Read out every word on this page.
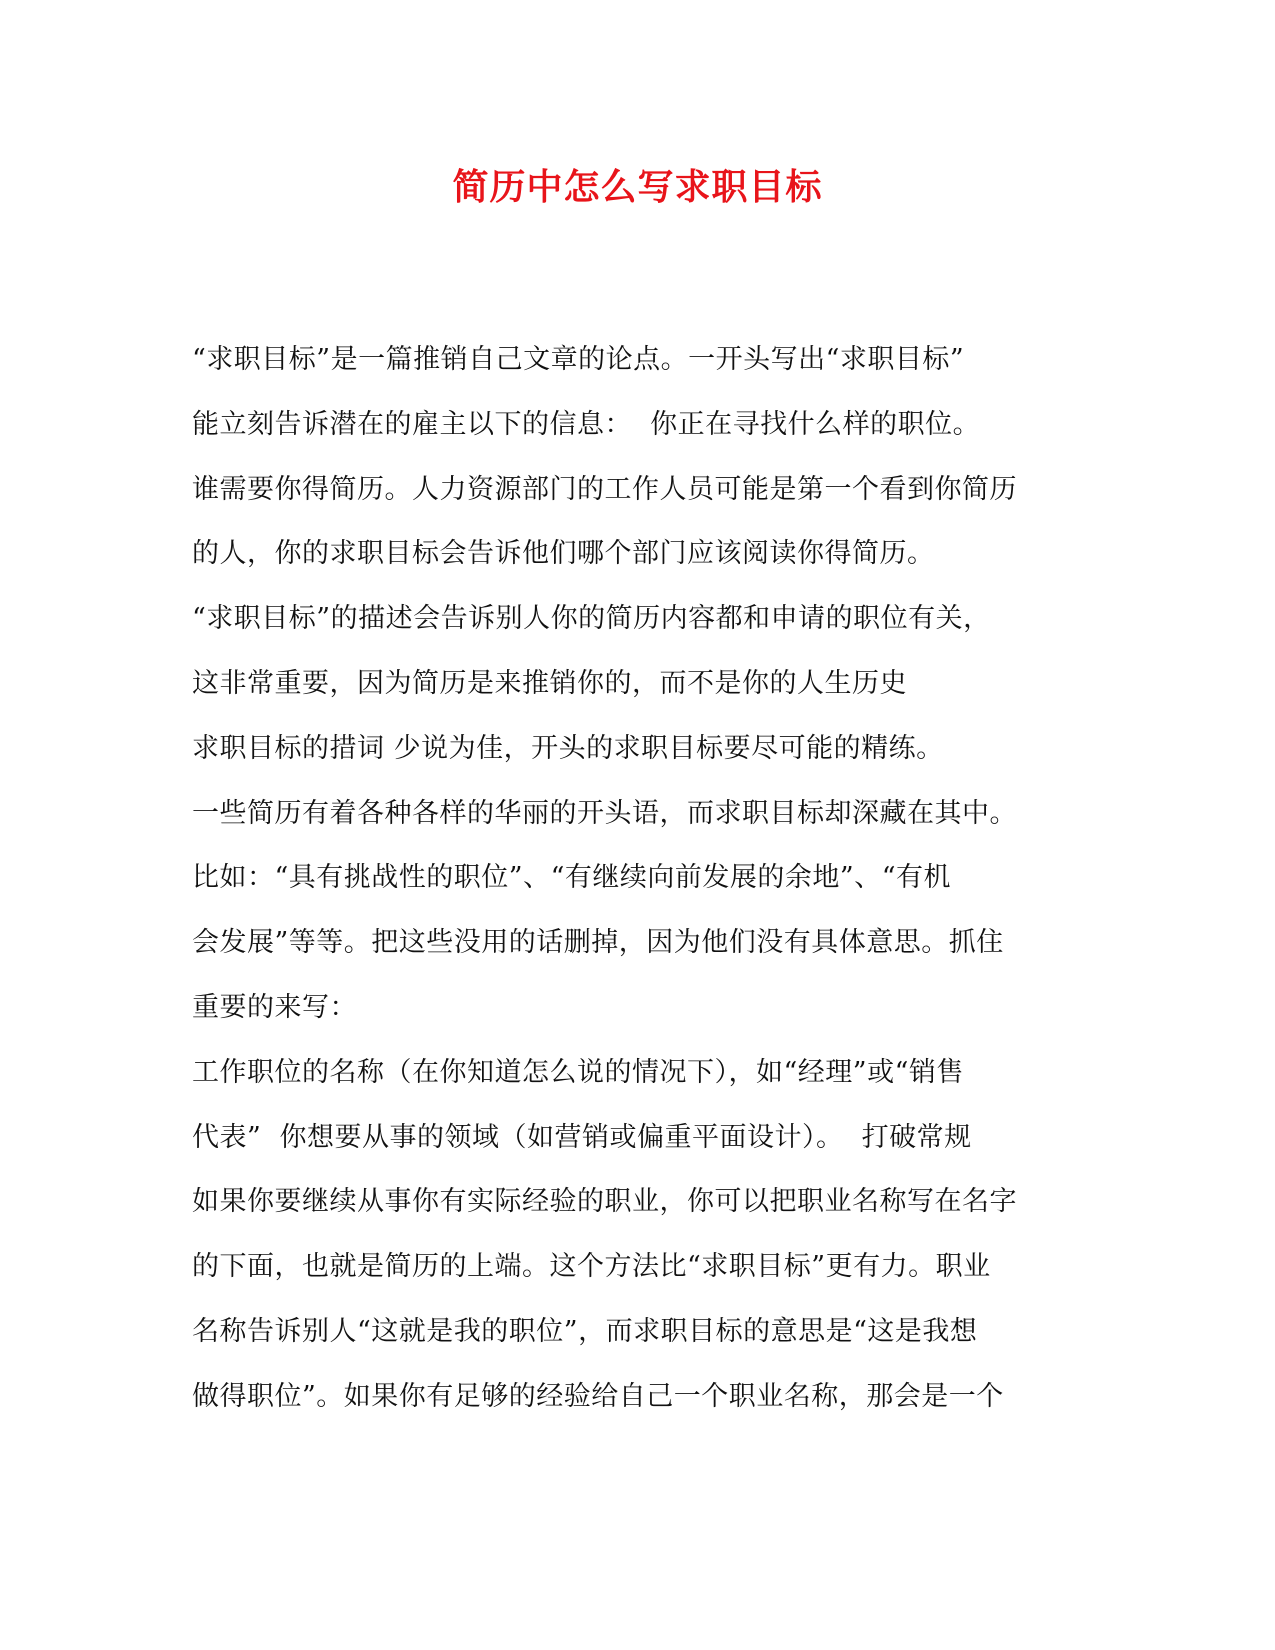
简历中怎么写求职目标
“求职目标”是一篇推销自己文章的论点。一开头写出“求职目标”
能立刻告诉潜在的雇主以下的信息：  你正在寻找什么样的职位。
谁需要你得简历。人力资源部门的工作人员可能是第一个看到你简历
的人，你的求职目标会告诉他们哪个部门应该阅读你得简历。
“求职目标”的描述会告诉别人你的简历内容都和申请的职位有关，
这非常重要，因为简历是来推销你的，而不是你的人生历史
求职目标的措词 少说为佳，开头的求职目标要尽可能的精练。
一些简历有着各种各样的华丽的开头语，而求职目标却深藏在其中。
比如：“具有挑战性的职位”、“有继续向前发展的余地”、“有机
会发展”等等。把这些没用的话删掉，因为他们没有具体意思。抓住
重要的来写：
工作职位的名称（在你知道怎么说的情况下），如“经理”或“销售
代表”  你想要从事的领域（如营销或偏重平面设计）。  打破常规
如果你要继续从事你有实际经验的职业，你可以把职业名称写在名字
的下面，也就是简历的上端。这个方法比“求职目标”更有力。职业
名称告诉别人“这就是我的职位”，而求职目标的意思是“这是我想
做得职位”。如果你有足够的经验给自己一个职业名称，那会是一个
